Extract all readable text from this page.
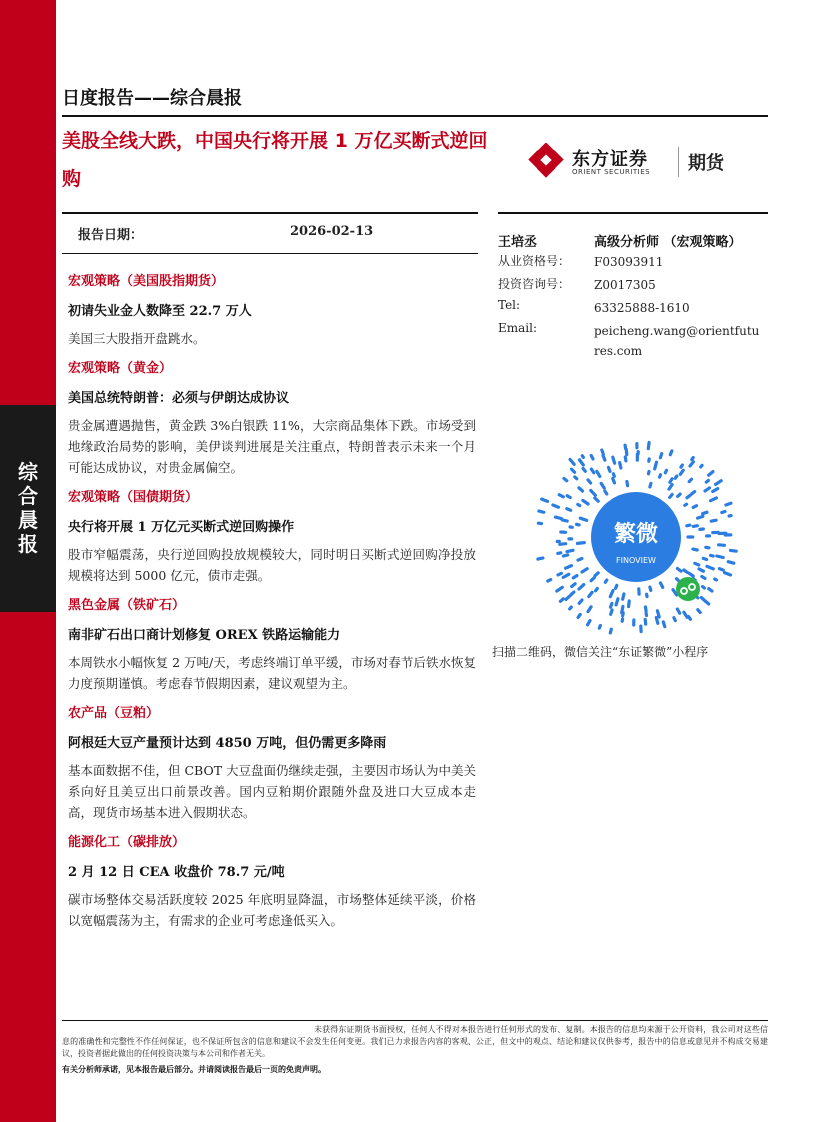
综
合
晨
报
日度报告——综合晨报
美股全线大跌，中国央行将开展 1 万亿买断式逆回购
东方证券
ORIENT SECURITIES 期货
报告日期：	2026-02-13
宏观策略（美国股指期货）
初请失业金人数降至 22.7 万人
美国三大股指开盘跳水。
宏观策略（黄金）
美国总统特朗普：必须与伊朗达成协议
贵金属遭遇抛售，黄金跌 3%白银跌 11%，大宗商品集体下跌。市场受到地缘政治局势的影响，美伊谈判进展是关注重点，特朗普表示未来一个月可能达成协议，对贵金属偏空。
宏观策略（国债期货）
央行将开展 1 万亿元买断式逆回购操作
股市窄幅震荡，央行逆回购投放规模较大，同时明日买断式逆回购净投放规模将达到 5000 亿元，债市走强。
黑色金属（铁矿石）
南非矿石出口商计划修复 OREX 铁路运输能力
本周铁水小幅恢复 2 万吨/天，考虑终端订单平缓，市场对春节后铁水恢复力度预期谨慎。考虑春节假期因素，建议观望为主。
农产品（豆粕）
阿根廷大豆产量预计达到 4850 万吨，但仍需更多降雨
基本面数据不佳，但 CBOT 大豆盘面仍继续走强，主要因市场认为中美关系向好且美豆出口前景改善。国内豆粕期价跟随外盘及进口大豆成本走高，现货市场基本进入假期状态。
能源化工（碳排放）
2 月 12 日 CEA 收盘价 78.7 元/吨
碳市场整体交易活跃度较 2025 年底明显降温，市场整体延续平淡，价格以宽幅震荡为主，有需求的企业可考虑逢低买入。
王培丞	高级分析师 （宏观策略）
从业资格号： F03093911
投资咨询号： Z0017305
Tel:	63325888-1610
Email:	peicheng.wang@orientfutures.com
繁微
FINOVIEW
扫描二维码，微信关注“东证繁微”小程序
未获得东证期货书面授权，任何人不得对本报告进行任何形式的发布、复制。本报告的信息均来源于公开资料，我公司对这些信息的准确性和完整性不作任何保证，也不保证所包含的信息和建议不会发生任何变更。我们已力求报告内容的客观、公正，但文中的观点、结论和建议仅供参考，报告中的信息或意见并不构成交易建议，投资者据此做出的任何投资决策与本公司和作者无关。
有关分析师承诺，见本报告最后部分。并请阅读报告最后一页的免责声明。
